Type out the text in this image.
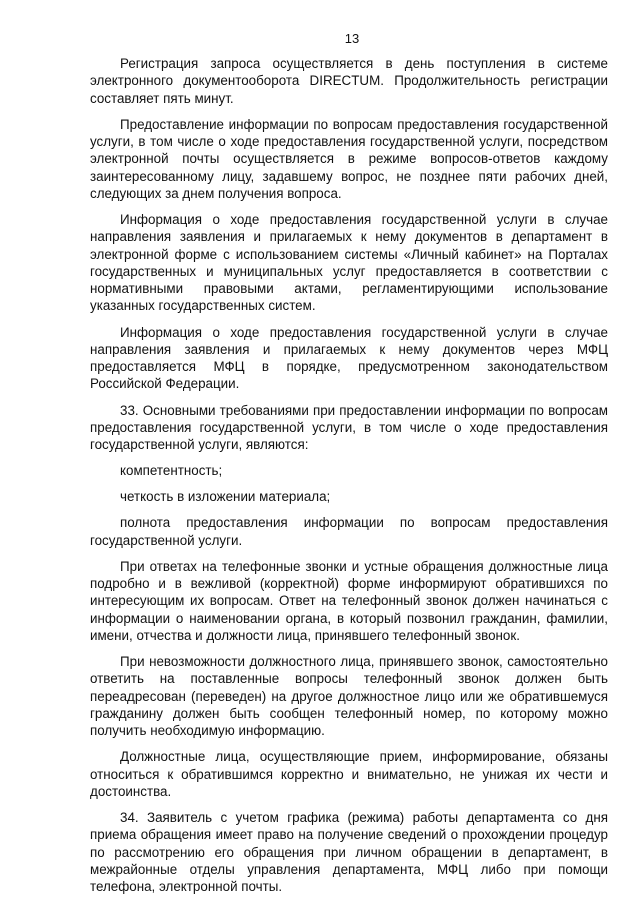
13

Регистрация запроса осуществляется в день поступления в системе электронного документооборота DIRECTUM. Продолжительность регистрации составляет пять минут.

Предоставление информации по вопросам предоставления государственной услуги, в том числе о ходе предоставления государственной услуги, посредством электронной почты осуществляется в режиме вопросов-ответов каждому заинтересованному лицу, задавшему вопрос, не позднее пяти рабочих дней, следующих за днем получения вопроса.

Информация о ходе предоставления государственной услуги в случае направления заявления и прилагаемых к нему документов в департамент в электронной форме с использованием системы «Личный кабинет» на Порталах государственных и муниципальных услуг предоставляется в соответствии с нормативными правовыми актами, регламентирующими использование указанных государственных систем.

Информация о ходе предоставления государственной услуги в случае направления заявления и прилагаемых к нему документов через МФЦ предоставляется МФЦ в порядке, предусмотренном законодательством Российской Федерации.

33. Основными требованиями при предоставлении информации по вопросам предоставления государственной услуги, в том числе о ходе предоставления государственной услуги, являются:

компетентность;

четкость в изложении материала;

полнота предоставления информации по вопросам предоставления государственной услуги.

При ответах на телефонные звонки и устные обращения должностные лица подробно и в вежливой (корректной) форме информируют обратившихся по интересующим их вопросам. Ответ на телефонный звонок должен начинаться с информации о наименовании органа, в который позвонил гражданин, фамилии, имени, отчества и должности лица, принявшего телефонный звонок.

При невозможности должностного лица, принявшего звонок, самостоятельно ответить на поставленные вопросы телефонный звонок должен быть переадресован (переведен) на другое должностное лицо или же обратившемуся гражданину должен быть сообщен телефонный номер, по которому можно получить необходимую информацию.

Должностные лица, осуществляющие прием, информирование, обязаны относиться к обратившимся корректно и внимательно, не унижая их чести и достоинства.

34. Заявитель с учетом графика (режима) работы департамента со дня приема обращения имеет право на получение сведений о прохождении процедур по рассмотрению его обращения при личном обращении в департамент, в межрайонные отделы управления департамента, МФЦ либо при помощи телефона, электронной почты.
